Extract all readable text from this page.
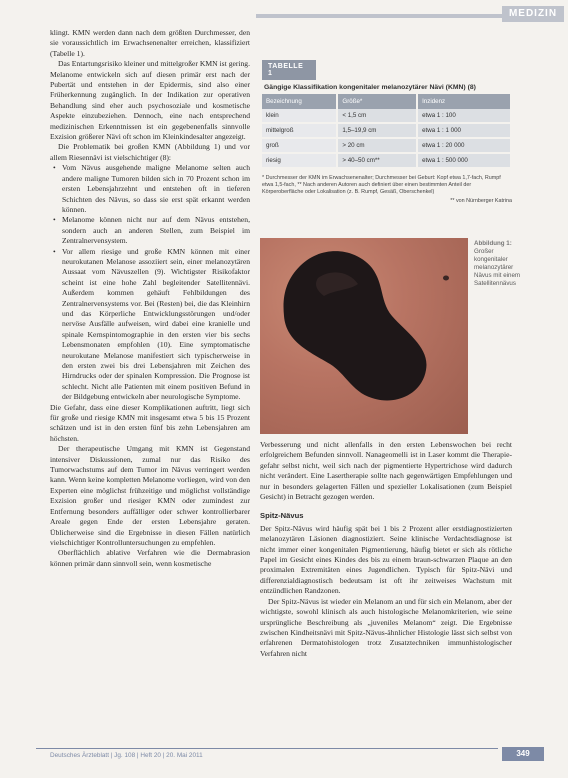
MEDIZIN

klingt. KMN werden dann nach dem größten Durchmesser, den sie voraussichtlich im Erwachsenenalter erreichen, klassifiziert (Tabelle 1).

Das Entartungsrisiko kleiner und mittelgroßer KMN ist gering. Melanome entwickeln sich auf diesen primär erst nach der Pubertät und entstehen in der Epidermis, sind also einer Früherkennung zugänglich. In der Indikation zur operativen Behandlung sind eher auch psychosoziale und kosmetische Aspekte einzubeziehen. Dennoch, eine nach entsprechend medizinischen Erkenntnissen ist ein gegebenenfalls sinnvolle Exzision größerer Nävi oft schon im Kleinkindesalter angezeigt.

Die Problematik bei großen KMN (Abbildung 1) und vor allem Riesennävi ist vielschichtiger (8):

• Vom Nävus ausgehende maligne Melanome selten auch andere maligne Tumoren bilden sich in 70 Prozent schon im ersten Lebensjahrzehnt und entstehen oft in tieferen Schichten des Nävus, so dass sie erst spät erkannt werden können.
• Melanome können nicht nur auf dem Nävus entstehen, sondern auch an anderen Stellen, zum Beispiel im Zentralnervensystem.
• Vor allem riesige und große KMN können mit einer neurokutanen Melanose assoziiert sein, einer melanozytären Aussaat vom Nävuszellen (9). Wichtigster Risikofaktor scheint ist eine hohe Zahl begleitender Satellitennävi. Außerdem kommen gehäuft Fehlbildungen des Zentralnervensystems vor. Bei (Resten) bei, die das Kleinhirn und das Körperliche Entwicklungsstörungen und/oder nervöse Ausfälle aufweisen, wird dabei eine kranielle und spinale Kernspintomographie in den ersten vier bis sechs Lebensmonaten empfohlen (10). Eine symptomatische neurokutane Melanose manifestiert sich typischerweise in den ersten zwei bis drei Lebensjahren mit Zeichen des Hirndrucks oder der spinalen Kompression. Die Prognose ist schlecht. Nicht alle Patienten mit einem positiven Befund in der Bildgebung entwickeln aber neurologische Symptome.

Die Gefahr, dass eine dieser Komplikationen auftritt, liegt sich für große und riesige KMN mit insgesamt etwa 5 bis 15 Prozent schätzen und ist in den ersten fünf bis zehn Lebensjahren am höchsten.

Der therapeutische Umgang mit KMN ist Gegenstand intensiver Diskussionen, zumal nur das Risiko des Tumorwachstums auf dem Tumor im Nävus verringert werden kann. Wenn keine kompletten Melanome vorliegen, wird von den Experten eine möglichst frühzeitige und möglichst vollständige Exzision großer und riesiger KMN oder zumindest zur Entfernung besonders auffälliger oder schwer kontrollierbarer Areale gegen Ende der ersten Lebensjahre geraten. Üblicherweise sind die Ergebnisse in diesen Fällen natürlich vielschichtiger Kontrolluntersuchungen zu empfehlen.

Oberflächlich ablative Verfahren wie die Dermabrasion können primär dann sinnvoll sein, wenn kosmetische

TABELLE 1
Gängige Klassifikation kongenitaler melanozytärer Nävi (KMN) (8)
Bezeichnung	Größe*	Inzidenz
klein	< 1,5 cm	etwa 1 : 100
mittelgroß	1,5–19,9 cm	etwa 1 : 1 000
groß	> 20 cm	etwa 1 : 20 000
riesig	> 40–50 cm**	etwa 1 : 500 000
* Durchmesser der KMN im Erwachsenenalter; Durchmesser bei Geburt: Kopf etwa 1,7-fach, Rumpf etwa 1,5-fach, ** Nach anderen Autoren auch definiert über einen bestimmten Anteil der Körperoberfläche oder Lokalisation (z. B. Rumpf, Gesäß, Oberschenkel)
** von Nürnberger Katrina
Abbildung 1:
Großer kongenitaler melanozytärer Nävus mit einem Satellitennävus

Verbesserung und nicht allenfalls in den ersten Lebenswochen bei recht erfolgreichem Befunden sinnvoll. Nanageomelli ist in Laser kommt die Therapie-gefahr selbst nicht, weil sich nach der pigmentierte Hypertrichose wird dadurch nicht verändert. Eine Lasertherapie sollte nach gegenwärtigen Empfehlungen und nur in besonders gelagerten Fällen und spezieller Lokalisationen (zum Beispiel Gesicht) in Betracht gezogen werden.

Spitz-Nävus

Der Spitz-Nävus wird häufig spät bei 1 bis 2 Prozent aller erstdiagnostizierten melanozytären Läsionen diagnostiziert. Seine klinische Verdachtsdiagnose ist nicht immer einer kongenitalen Pigmentierung, häufig bietet er sich als rötliche Papel im Gesicht eines Kindes des bis zu einem braun-schwarzen Plaque an den proximalen Extremitäten eines Jugendlichen. Typisch für Spitz-Nävi und differenzialdiagnostisch bedeutsam ist oft ihr zeitweises Wachstum mit entzündlichen Randzonen.

Der Spitz-Nävus ist wieder ein Melanom an und für sich ein Melanom, aber der wichtigste, sowohl klinisch als auch histologische Melanomkriterien, wie seine ursprüngliche Beschreibung als „juveniles Melanom“ zeigt. Die Ergebnisse zwischen Kindheitsnävi mit Spitz-Nävus-ähnlicher Histologie lässt sich selbst von erfahrenen Dermatohistologen trotz Zusatztechniken immunhistologischer Verfahren nicht

Deutsches Ärzteblatt | Jg. 108 | Heft 20 | 20. Mai 2011	349
